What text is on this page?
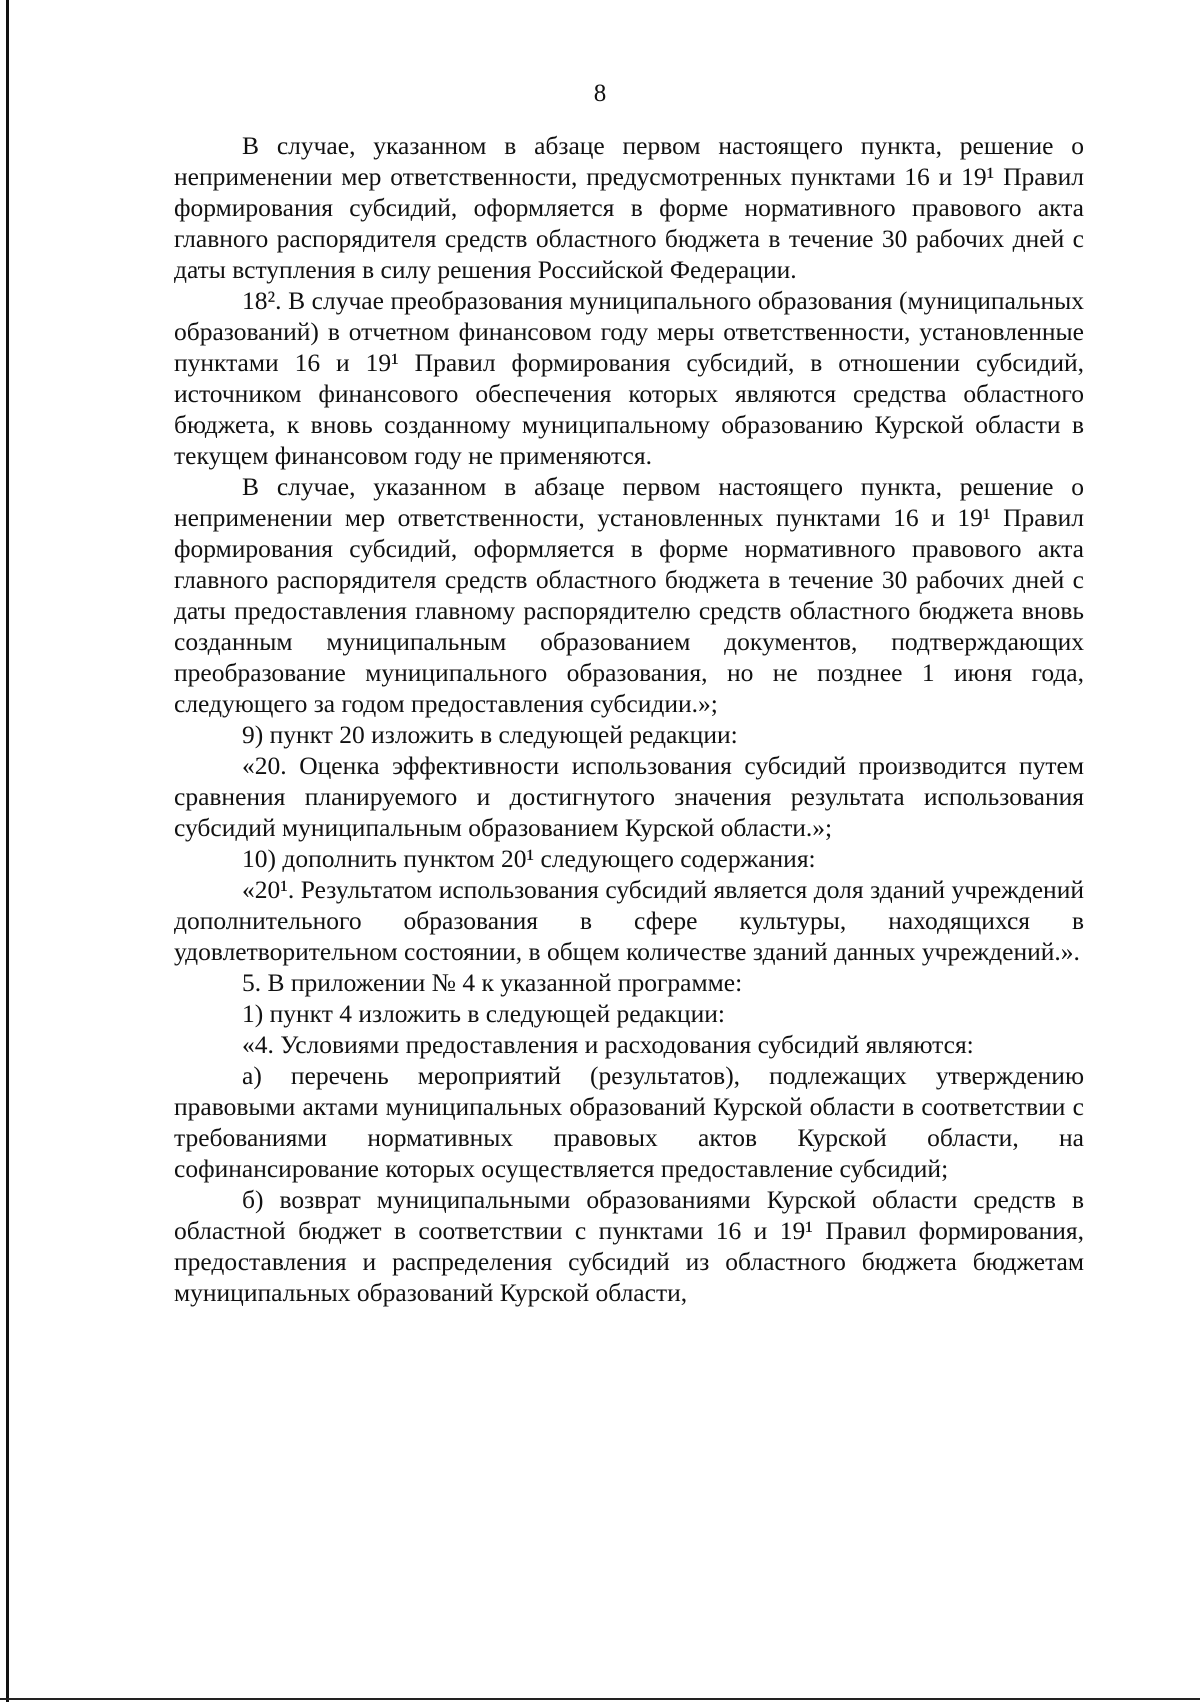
8

В случае, указанном в абзаце первом настоящего пункта, решение о неприменении мер ответственности, предусмотренных пунктами 16 и 19¹ Правил формирования субсидий, оформляется в форме нормативного правового акта главного распорядителя средств областного бюджета в течение 30 рабочих дней с даты вступления в силу решения Российской Федерации.

18². В случае преобразования муниципального образования (муниципальных образований) в отчетном финансовом году меры ответственности, установленные пунктами 16 и 19¹ Правил формирования субсидий, в отношении субсидий, источником финансового обеспечения которых являются средства областного бюджета, к вновь созданному муниципальному образованию Курской области в текущем финансовом году не применяются.

В случае, указанном в абзаце первом настоящего пункта, решение о неприменении мер ответственности, установленных пунктами 16 и 19¹ Правил формирования субсидий, оформляется в форме нормативного правового акта главного распорядителя средств областного бюджета в течение 30 рабочих дней с даты предоставления главному распорядителю средств областного бюджета вновь созданным муниципальным образованием документов, подтверждающих преобразование муниципального образования, но не позднее 1 июня года, следующего за годом предоставления субсидии.»;

9) пункт 20 изложить в следующей редакции:

«20. Оценка эффективности использования субсидий производится путем сравнения планируемого и достигнутого значения результата использования субсидий муниципальным образованием Курской области.»;

10) дополнить пунктом 20¹ следующего содержания:

«20¹. Результатом использования субсидий является доля зданий учреждений дополнительного образования в сфере культуры, находящихся в удовлетворительном состоянии, в общем количестве зданий данных учреждений.».

5. В приложении № 4 к указанной программе:

1) пункт 4 изложить в следующей редакции:

«4. Условиями предоставления и расходования субсидий являются:

а) перечень мероприятий (результатов), подлежащих утверждению правовыми актами муниципальных образований Курской области в соответствии с требованиями нормативных правовых актов Курской области, на софинансирование которых осуществляется предоставление субсидий;

б) возврат муниципальными образованиями Курской области средств в областной бюджет в соответствии с пунктами 16 и 19¹ Правил формирования, предоставления и распределения субсидий из областного бюджета бюджетам муниципальных образований Курской области,
